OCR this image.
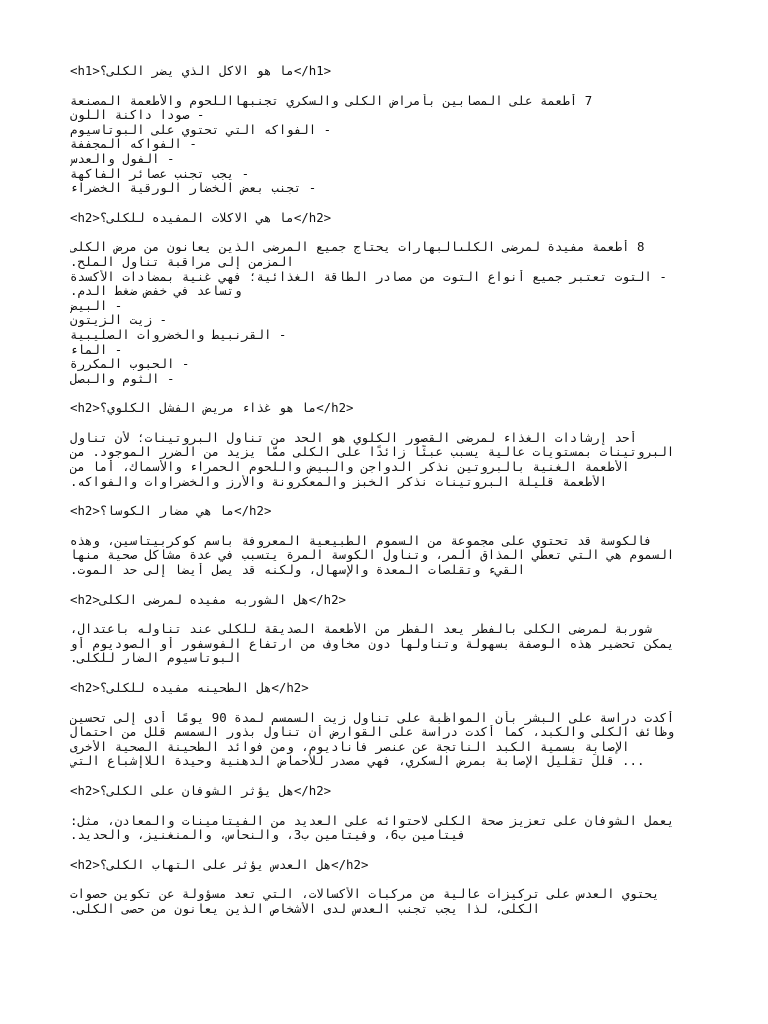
<h1>ما هو الاكل الذي يضر الكلى؟</h1>
7 أطعمة على المصابين بأمراض الكلى والسكري تجنبهااللحوم والأطعمة المصنعة
- صودا داكنة اللون
- الفواكه التي تحتوي على البوتاسيوم
- الفواكه المجففة
- الفول والعدس
- يجب تجنب عصائر الفاكهة
- تجنب بعض الخضار الورقية الخضراء
<h2>ما هي الاكلات المفيده للكلى؟</h2>
8 أطعمة مفيدة لمرضى الكلىالبهارات يحتاج جميع المرضى الذين يعانون من مرض الكلى
المزمن إلى مراقبة تناول الملح.
- التوت تعتبر جميع أنواع التوت من مصادر الطاقة الغذائية؛ فهي غنية بمضادات الأكسدة
وتساعد في خفض ضغط الدم.
- البيض
- زيت الزيتون
- القرنبيط والخضروات الصليبية
- الماء
- الحبوب المكررة
- الثوم والبصل
<h2>ما هو غذاء مريض الفشل الكلوي؟</h2>
أحد إرشادات الغذاء لمرضى القصور الكلوي هو الحد من تناول البروتينات؛ لأن تناول
البروتينات بمستويات عالية يسبب عبئًا زائدًا على الكلى ممّا يزيد من الضرر الموجود. من
الأطعمة الغنية بالبروتين نذكر الدواجن والبيض واللحوم الحمراء والأسماك، أما من
الأطعمة قليلة البروتينات نذكر الخبز والمعكرونة والأرز والخضراوات والفواكه.
<h2>ما هي مضار الكوسا؟</h2>
فالكوسة قد تحتوي على مجموعة من السموم الطبيعية المعروفة باسم كوكربيتاسين، وهذه
السموم هي التي تعطي المذاق المر، وتناول الكوسة المرة يتسبب في عدة مشاكل صحية منها
القيء وتقلصات المعدة والإسهال، ولكنه قد يصل أيضاً إلى حد الموت.
<h2>هل الشوربه مفيده لمرضى الكلى</h2>
شوربة لمرضى الكلى بالفطر يعد الفطر من الأطعمة الصديقة للكلى عند تناوله باعتدال،
يمكن تحضير هذه الوصفة بسهولة وتناولها دون مخاوف من ارتفاع الفوسفور أو الصوديوم أو
البوتاسيوم الضار للكلى.
<h2>هل الطحينه مفيده للكلى؟</h2>
أكدت دراسة على البشر بأن المواظبة على تناول زيت السمسم لمدة 90 يومًا أدى إلى تحسين
وظائف الكلى والكبد، كما أكدت دراسة على القوارض أن تناول بذور السمسم قلل من احتمال
الإصابة بسمية الكبد الناتجة عن عنصر فاناديوم، ومن فوائد الطحينة الصحية الأخرى
... قللّ تقليل الإصابة بمرض السكري، فهي مصدر للأحماض الدهنية وحيدة اللاإشباع التي
<h2>هل يؤثر الشوفان على الكلى؟</h2>
يعمل الشوفان على تعزيز صحة الكلى لاحتوائه على العديد من الفيتامينات والمعادن، مثل:
فيتامين ب6، وفيتامين ب3، والنحاس، والمنغنيز، والحديد.
<h2>هل العدس يؤثر على التهاب الكلى؟</h2>
يحتوي العدس على تركيزات عالية من مركبات الأكسالات، التي تعد مسؤولة عن تكوين حصوات
الكلى، لذا يجب تجنب العدس لدى الأشخاص الذين يعانون من حصى الكلى.
